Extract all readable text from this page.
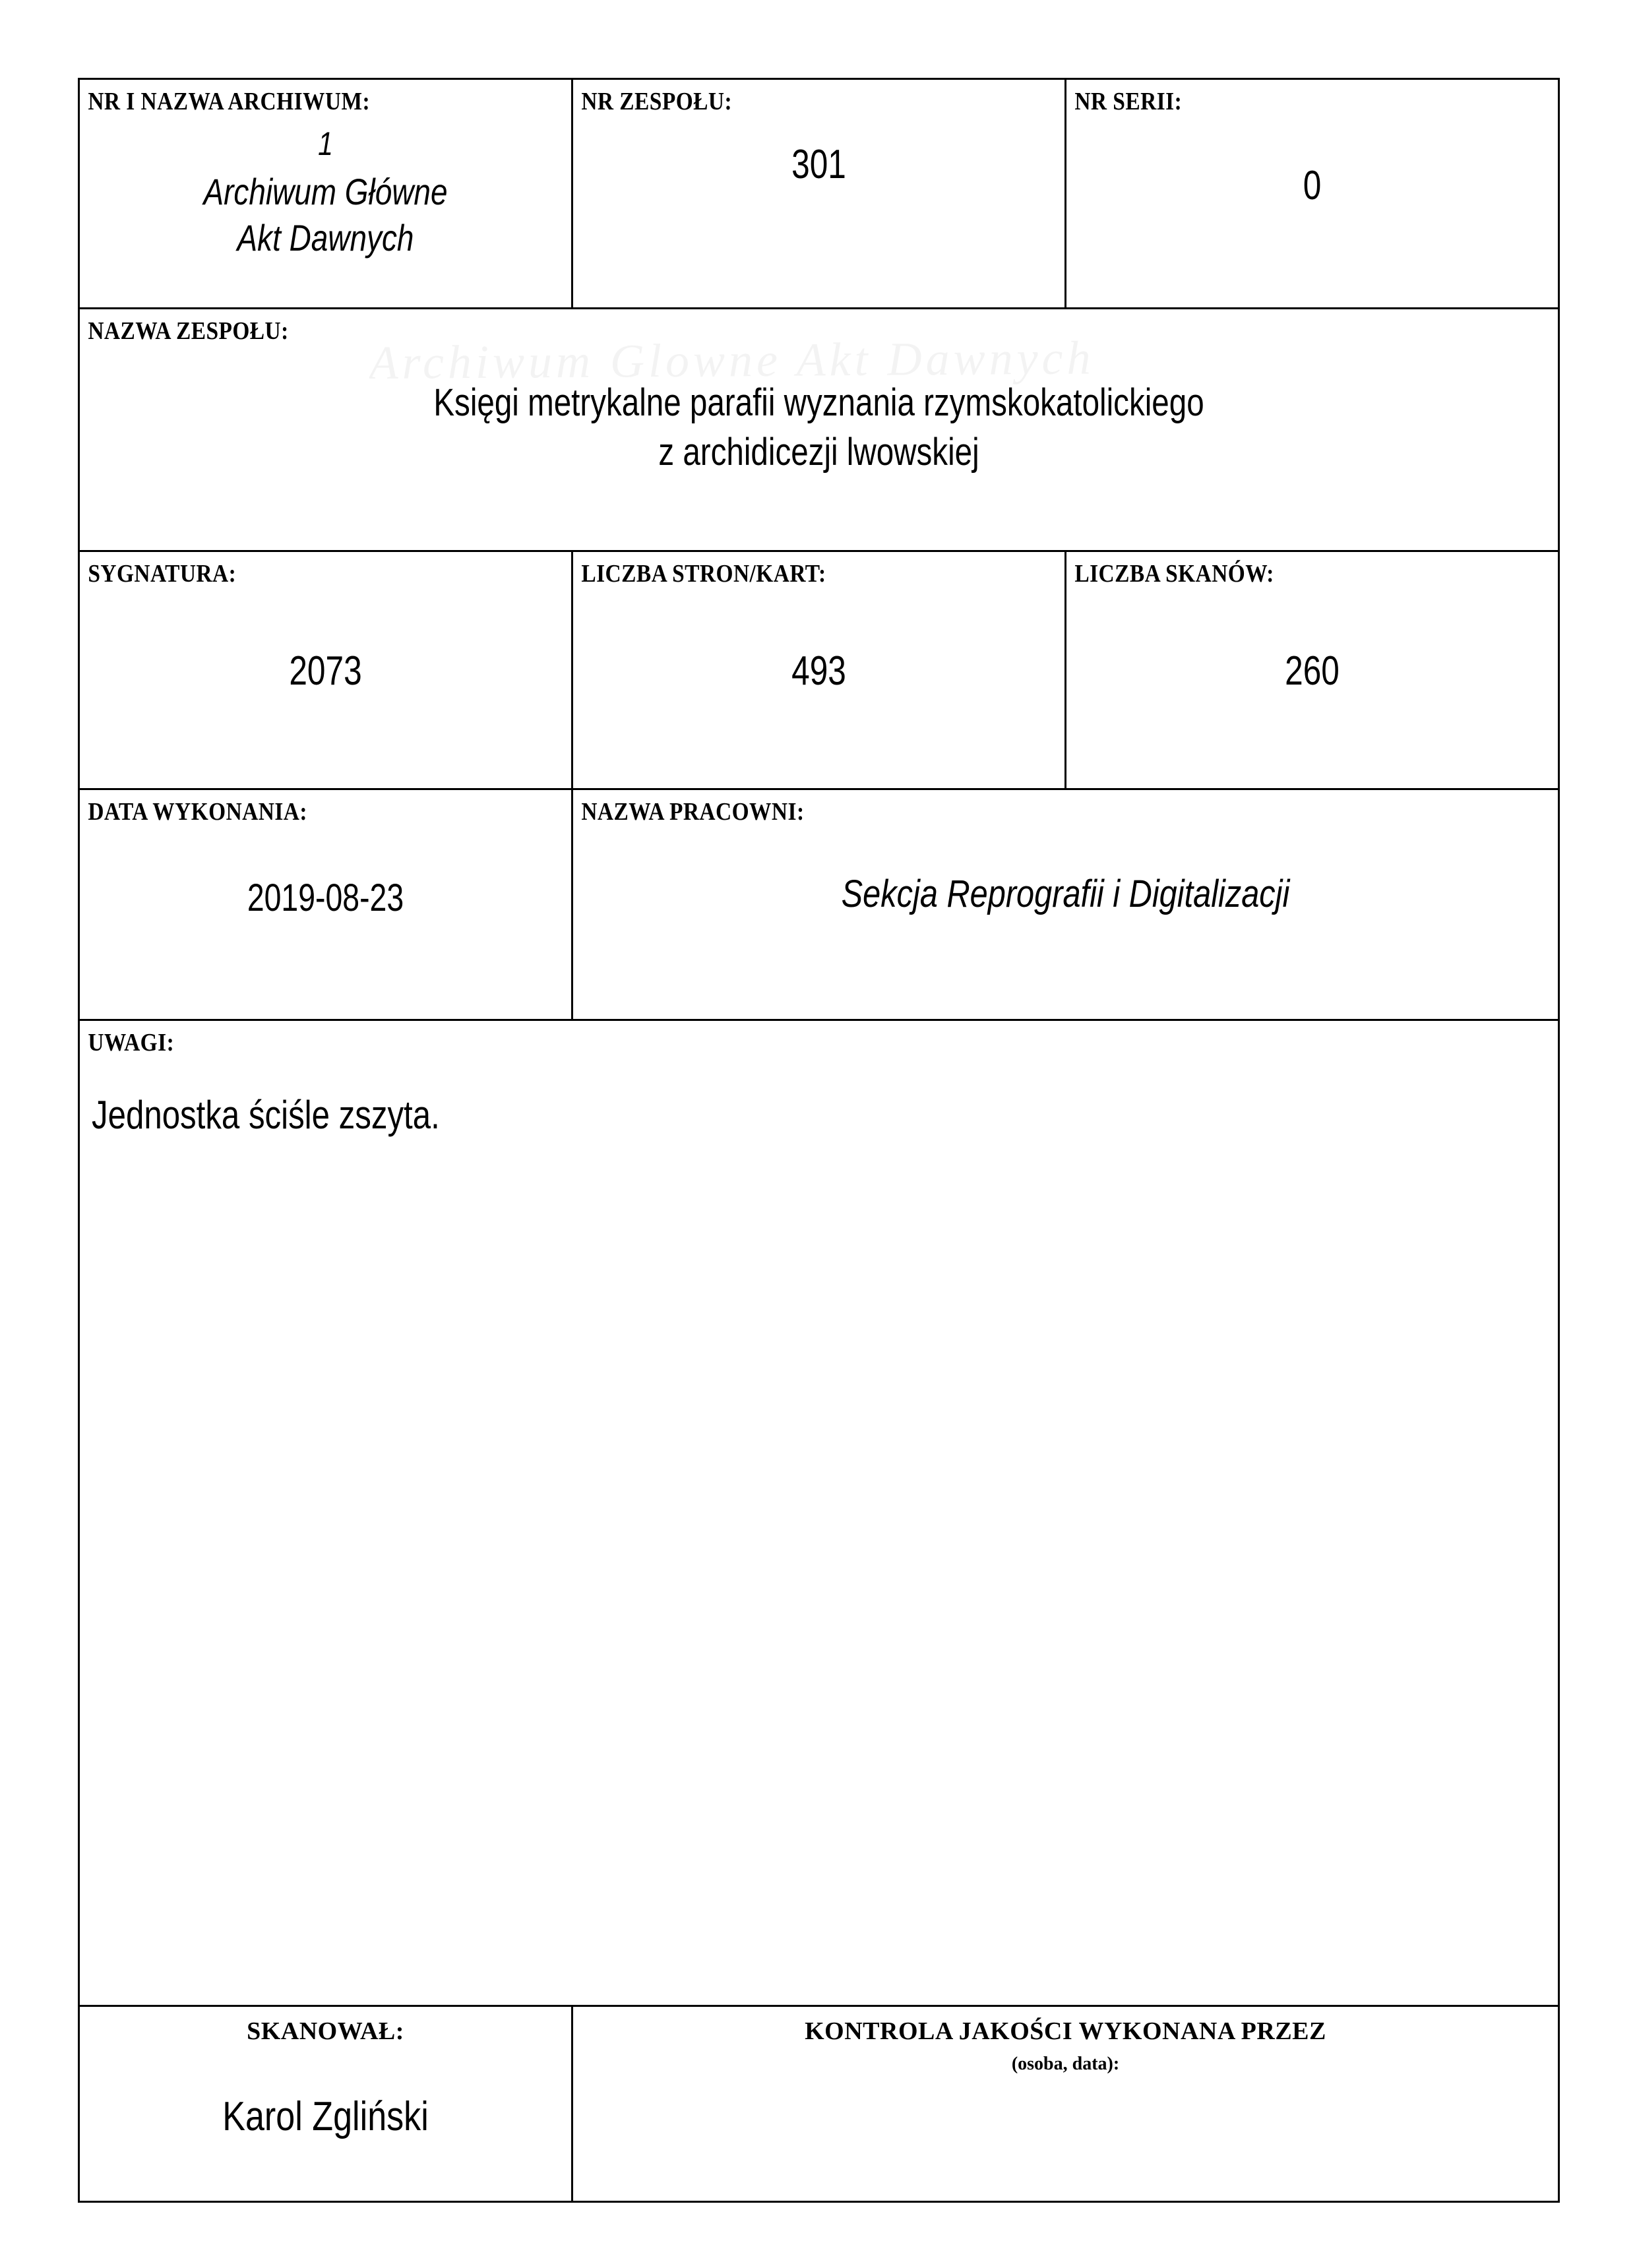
Archiwum Glowne Akt Dawnych
NR I NAZWA ARCHIWUM:
1
Archiwum Główne
Akt Dawnych	NR ZESPOŁU:
301	NR SERII:
0

NAZWA ZESPOŁU:
Księgi metrykalne parafii wyznania rzymskokatolickiego
z archidicezji lwowskiej		

SYGNATURA:
2073	LICZBA STRON/KART:
493	LICZBA SKANÓW:
260

DATA WYKONANIA:
2019-08-23	NAZWA PRACOWNI:
Sekcja Reprografii i Digitalizacji	

UWAGI:
Jednostka ściśle zszyta.		

SKANOWAŁ:
Karol Zgliński	KONTROLA JAKOŚCI WYKONANA PRZEZ
(osoba, data):	
